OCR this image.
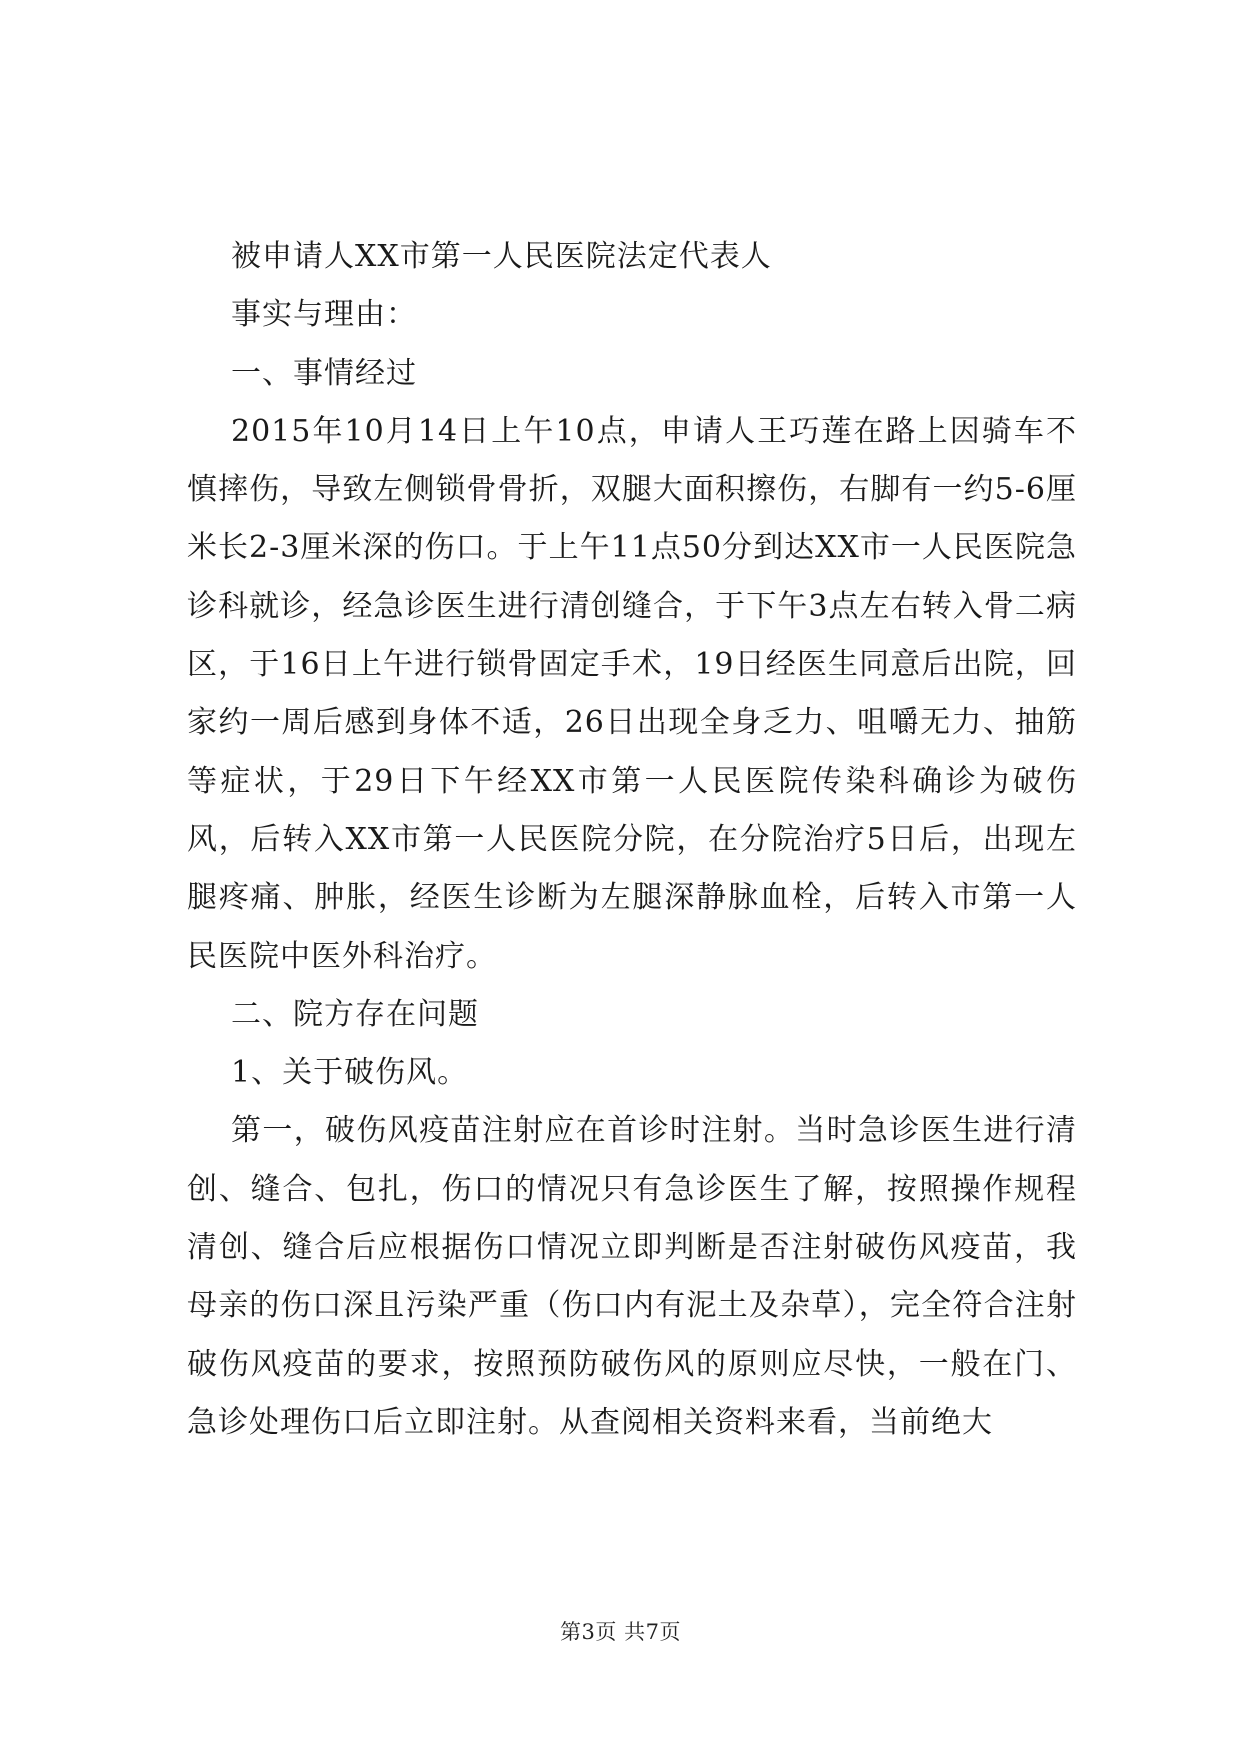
被申请人XX市第一人民医院法定代表人

事实与理由：

一、事情经过

2015年10月14日上午10点，申请人王巧莲在路上因骑车不慎摔伤，导致左侧锁骨骨折，双腿大面积擦伤，右脚有一约5-6厘米长2-3厘米深的伤口。于上午11点50分到达XX市一人民医院急诊科就诊，经急诊医生进行清创缝合，于下午3点左右转入骨二病区，于16日上午进行锁骨固定手术，19日经医生同意后出院，回家约一周后感到身体不适，26日出现全身乏力、咀嚼无力、抽筋等症状，于29日下午经XX市第一人民医院传染科确诊为破伤风，后转入XX市第一人民医院分院，在分院治疗5日后，出现左腿疼痛、肿胀，经医生诊断为左腿深静脉血栓，后转入市第一人民医院中医外科治疗。

二、院方存在问题

1、关于破伤风。

第一，破伤风疫苗注射应在首诊时注射。当时急诊医生进行清创、缝合、包扎，伤口的情况只有急诊医生了解，按照操作规程清创、缝合后应根据伤口情况立即判断是否注射破伤风疫苗，我母亲的伤口深且污染严重（伤口内有泥土及杂草），完全符合注射破伤风疫苗的要求，按照预防破伤风的原则应尽快，一般在门、急诊处理伤口后立即注射。从查阅相关资料来看，当前绝大

第3页 共7页
